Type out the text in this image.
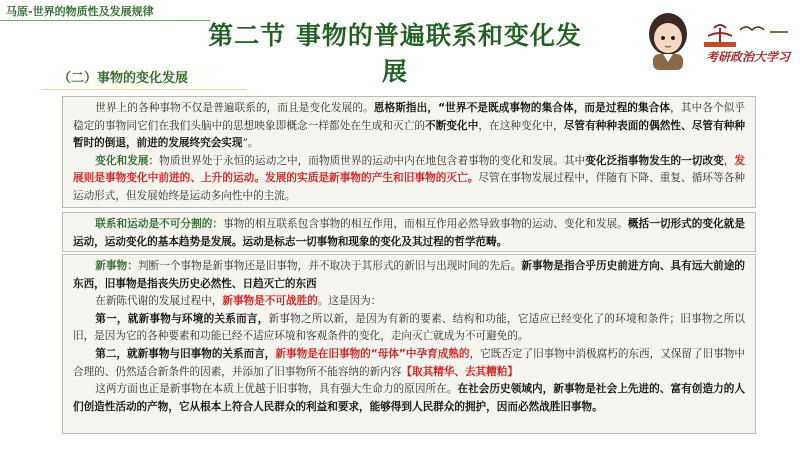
马原-世界的物质性及发展规律
第二节 事物的普遍联系和变化发展	考研政治大学习
（二）事物的变化发展

世界上的各种事物不仅是普遍联系的，而且是变化发展的。恩格斯指出，“世界不是既成事物的集合体，而是过程的集合体，其中各个似乎稳定的事物同它们在我们头脑中的思想映象即概念一样都处在生成和灭亡的不断变化中，在这种变化中，尽管有种种表面的偶然性、尽管有种种暂时的倒退，前进的发展终究会实现”。

变化和发展：物质世界处于永恒的运动之中，而物质世界的运动中内在地包含着事物的变化和发展。其中变化泛指事物发生的一切改变，发展则是事物变化中前进的、上升的运动。发展的实质是新事物的产生和旧事物的灭亡。尽管在事物发展过程中，伴随有下降、重复、循环等各种运动形式，但发展始终是运动多向性中的主流。

联系和运动是不可分割的：事物的相互联系包含事物的相互作用，而相互作用必然导致事物的运动、变化和发展。概括一切形式的变化就是运动，运动变化的基本趋势是发展。运动是标志一切事物和现象的变化及其过程的哲学范畴。

新事物：判断一个事物是新事物还是旧事物，并不取决于其形式的新旧与出现时间的先后。新事物是指合乎历史前进方向、具有远大前途的东西，旧事物是指丧失历史必然性、日趋灭亡的东西

在新陈代谢的发展过程中，新事物是不可战胜的。这是因为：

第一，就新事物与环境的关系而言，新事物之所以新，是因为有新的要素、结构和功能，它适应已经变化了的环境和条件；旧事物之所以旧，是因为它的各种要素和功能已经不适应环境和客观条件的变化，走向灭亡就成为不可避免的。

第二，就新事物与旧事物的关系而言，新事物是在旧事物的“母体”中孕育成熟的，它既否定了旧事物中消极腐朽的东西，又保留了旧事物中合理的、仍然适合新条件的因素，并添加了旧事物所不能容纳的新内容【取其精华、去其糟粕】

这两方面也正是新事物在本质上优越于旧事物，具有强大生命力的原因所在。在社会历史领域内，新事物是社会上先进的、富有创造力的人们创造性活动的产物，它从根本上符合人民群众的利益和要求，能够得到人民群众的拥护，因而必然战胜旧事物。
